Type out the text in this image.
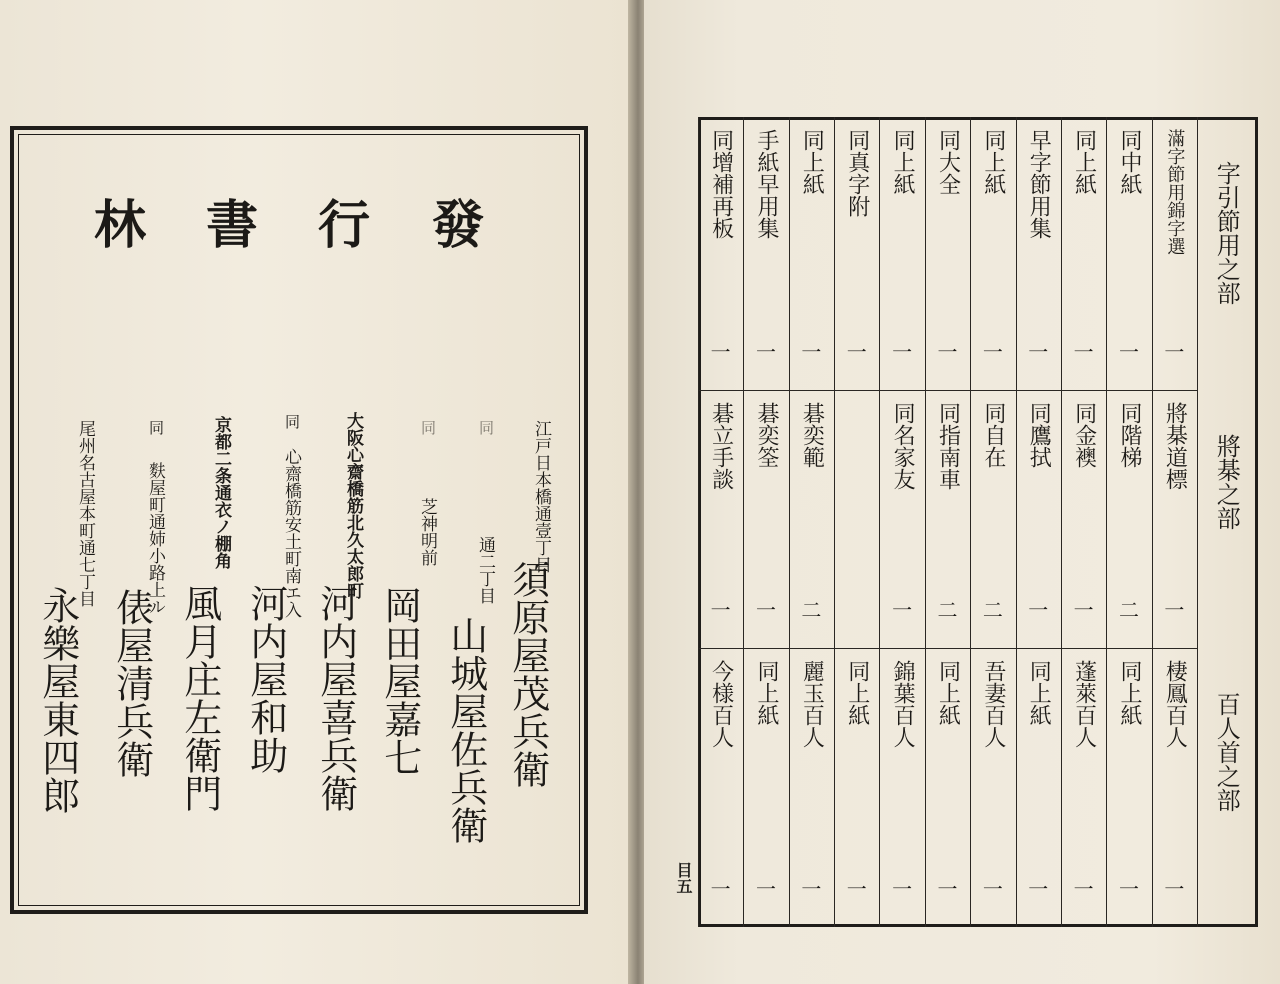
發
行
書
林
江戸日本橋通壹丁目
須原屋茂兵衛
同
通二丁目
山城屋佐兵衛
同
芝神明前
岡田屋嘉七
大阪心齋橋筋北久太郎町
河内屋喜兵衛
同
心齋橋筋安土町南エ入
河内屋和助
京都二条通衣ノ棚角
風月庄左衛門
同
麩屋町通姉小路上ル
俵屋清兵衛
尾州名古屋本町通七丁目
永樂屋東四郎
字引節用之部
將棊之部
百人首之部
滿字節用錦字選
一
將棊道標
一
棲鳳百人
一
同中紙
一
同階梯
二
同上紙
一
同上紙
一
同金襖
一
蓬萊百人
一
早字節用集
一
同鷹拭
一
同上紙
一
同上紙
一
同自在
二
吾妻百人
一
同大全
一
同指南車
二
同上紙
一
同上紙
一
同名家友
一
錦葉百人
一
同真字附
一
同上紙
一
同上紙
一
碁奕範
二
麗玉百人
一
手紙早用集
一
碁奕筌
一
同上紙
一
同增補再板
一
碁立手談
一
今様百人
一
目五
